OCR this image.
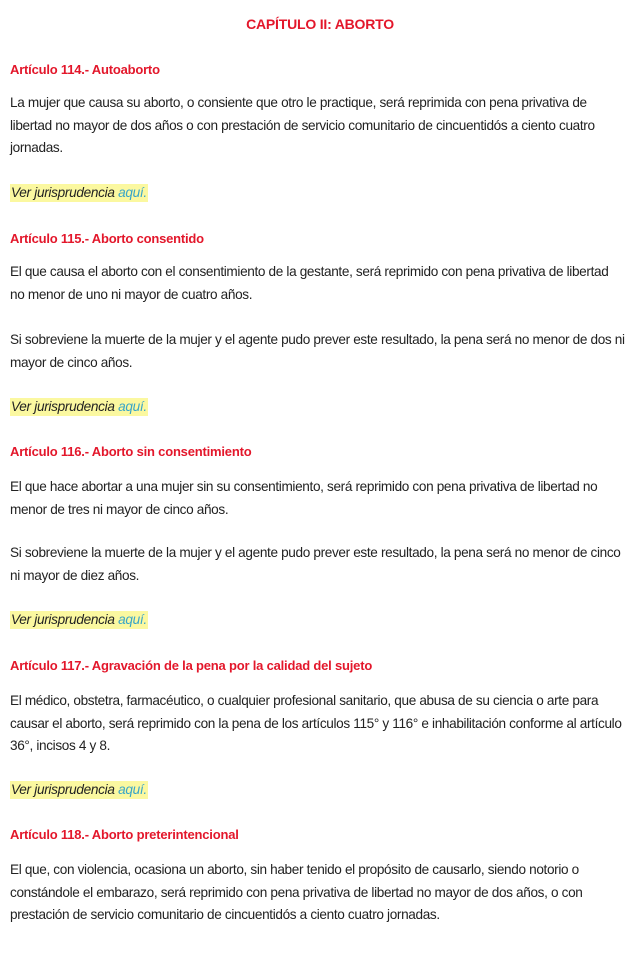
CAPÍTULO II: ABORTO
Artículo 114.- Autoaborto

La mujer que causa su aborto, o consiente que otro le practique, será reprimida con pena privativa de libertad no mayor de dos años o con prestación de servicio comunitario de cincuentidós a ciento cuatro jornadas.

Ver jurisprudencia aquí.
Artículo 115.- Aborto consentido

El que causa el aborto con el consentimiento de la gestante, será reprimido con pena privativa de libertad no menor de uno ni mayor de cuatro años.

Si sobreviene la muerte de la mujer y el agente pudo prever este resultado, la pena será no menor de dos ni mayor de cinco años.

Ver jurisprudencia aquí.
Artículo 116.- Aborto sin consentimiento

El que hace abortar a una mujer sin su consentimiento, será reprimido con pena privativa de libertad no menor de tres ni mayor de cinco años.

Si sobreviene la muerte de la mujer y el agente pudo prever este resultado, la pena será no menor de cinco ni mayor de diez años.

Ver jurisprudencia aquí.
Artículo 117.- Agravación de la pena por la calidad del sujeto

El médico, obstetra, farmacéutico, o cualquier profesional sanitario, que abusa de su ciencia o arte para causar el aborto, será reprimido con la pena de los artículos 115° y 116° e inhabilitación conforme al artículo 36°, incisos 4 y 8.

Ver jurisprudencia aquí.
Artículo 118.- Aborto preterintencional

El que, con violencia, ocasiona un aborto, sin haber tenido el propósito de causarlo, siendo notorio o constándole el embarazo, será reprimido con pena privativa de libertad no mayor de dos años, o con prestación de servicio comunitario de cincuentidós a ciento cuatro jornadas.
